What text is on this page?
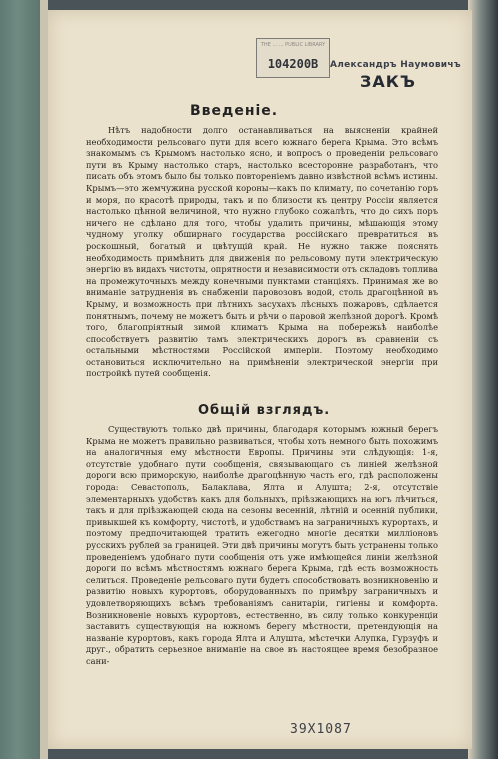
THE ... ... PUBLIC LIBRARY
104200B	Александръ Наумовичъ
ЗАКЪ
Введеніе.

Нѣтъ надобности долго останавливаться на выясненіи крайней необходимости рельсоваго пути для всего южнаго берега Крыма. Это всѣмъ знакомымъ съ Крымомъ настолько ясно, и вопросъ о проведеніи рельсоваго пути въ Крыму настолько старъ, настолько всесторонне разработанъ, что писать объ этомъ было бы только повтореніемъ давно извѣстной всѣмъ истины. Крымъ—это жемчужина русской короны—какъ по климату, по сочетанію горъ и моря, по красотѣ природы, такъ и по близости къ центру Россіи является настолько цѣнной величиной, что нужно глубоко сожалѣть, что до сихъ поръ ничего не сдѣлано для того, чтобы удалить причины, мѣшающія этому чудному уголку обширнаго государства россійскаго превратиться въ роскошный, богатый и цвѣтущій край. Не нужно также пояснять необходимость примѣнить для движенія по рельсовому пути электрическую энергію въ видахъ чистоты, опрятности и независимости отъ складовъ топлива на промежуточныхъ между конечными пунктами станціяхъ. Принимая же во вниманіе затрудненія въ снабженіи паровозовъ водой, столь драгоцѣнной въ Крыму, и возможность при лѣтнихъ засухахъ лѣсныхъ пожаровъ, сдѣлается понятнымъ, почему не можетъ быть и рѣчи о паровой желѣзной дорогѣ. Кромѣ того, благопріятный зимой климатъ Крыма на побережьѣ наиболѣе способствуетъ развитію тамъ электрическихъ дорогъ въ сравненіи съ остальными мѣстностями Россійской имперіи. Поэтому необходимо остановиться исключительно на примѣненіи электрической энергіи при постройкѣ путей сообщенія.

Общій взглядъ.

Существуютъ только двѣ причины, благодаря которымъ южный берегъ Крыма не можетъ правильно развиваться, чтобы хоть немного быть похожимъ на аналогичныя ему мѣстности Европы. Причины эти слѣдующія: 1-я, отсутствіе удобнаго пути сообщенія, связывающаго съ линіей желѣзной дороги всю приморскую, наиболѣе драгоцѣнную часть его, гдѣ расположены города: Севастополь, Балаклава, Ялта и Алушта; 2-я, отсутствіе элементарныхъ удобствъ какъ для больныхъ, пріѣзжающихъ на югъ лѣчиться, такъ и для пріѣзжающей сюда на сезоны весенній, лѣтній и осенній публики, привыкшей къ комфорту, чистотѣ, и удобствамъ на заграничныхъ курортахъ, и поэтому предпочитающей тратить ежегодно многіе десятки милліоновъ русскихъ рублей за границей. Эти двѣ причины могутъ быть устранены только проведеніемъ удобнаго пути сообщенія отъ уже имѣющейся линіи желѣзной дороги по всѣмъ мѣстностямъ южнаго берега Крыма, гдѣ есть возможность селиться. Проведеніе рельсоваго пути будетъ способствовать возникновенію и развитію новыхъ курортовъ, оборудованныхъ по примѣру заграничныхъ и удовлетворяющихъ всѣмъ требованіямъ санитаріи, гигіены и комфорта. Возникновеніе новыхъ курортовъ, естественно, въ силу только конкуренціи заставитъ существующія на южномъ берегу мѣстности, претендующія на названіе курортовъ, какъ города Ялта и Алушта, мѣстечки Алупка, Гурзуфъ и друг., обратить серьезное вниманіе на свое въ настоящее время безобразное сани-

39X1087
